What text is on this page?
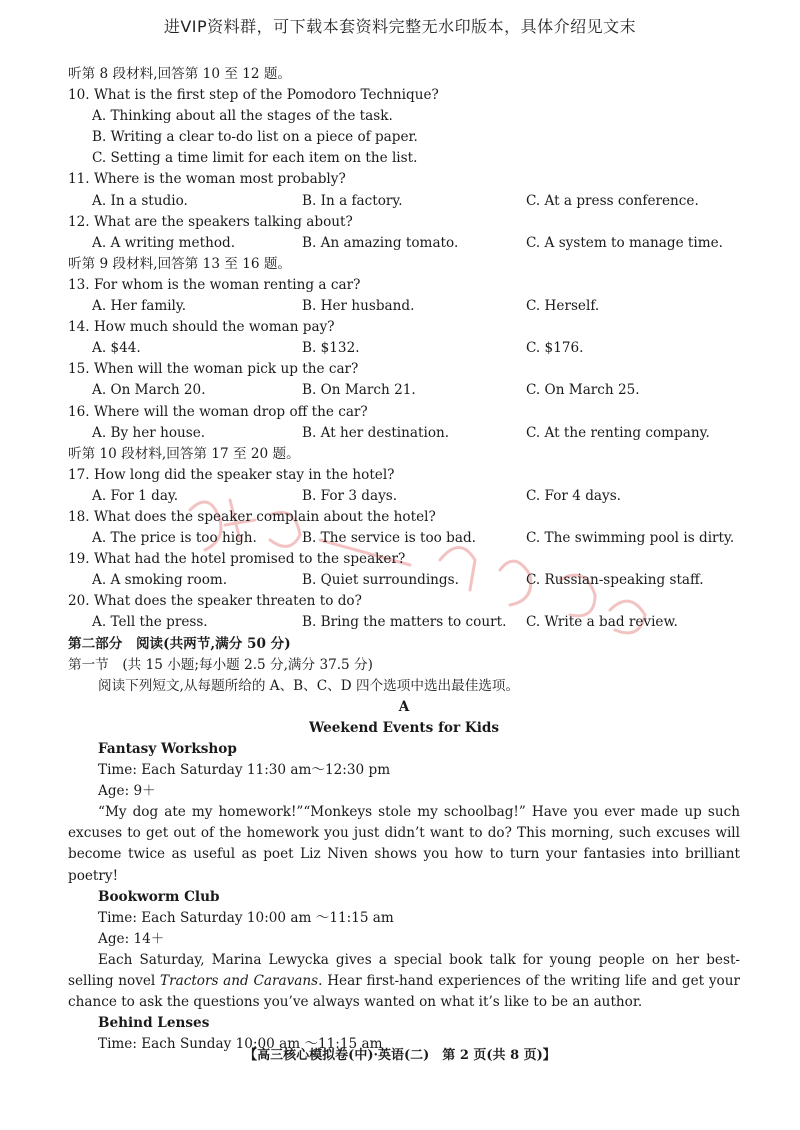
进VIP资料群，可下载本套资料完整无水印版本，具体介绍见文末
听第 8 段材料,回答第 10 至 12 题。
10. What is the first step of the Pomodoro Technique?
A. Thinking about all the stages of the task.
B. Writing a clear to-do list on a piece of paper.
C. Setting a time limit for each item on the list.
11. Where is the woman most probably?
A. In a studio.	B. In a factory.	C. At a press conference.
12. What are the speakers talking about?
A. A writing method.	B. An amazing tomato.	C. A system to manage time.
听第 9 段材料,回答第 13 至 16 题。
13. For whom is the woman renting a car?
A. Her family.	B. Her husband.	C. Herself.
14. How much should the woman pay?
A. $44.	B. $132.	C. $176.
15. When will the woman pick up the car?
A. On March 20.	B. On March 21.	C. On March 25.
16. Where will the woman drop off the car?
A. By her house.	B. At her destination.	C. At the renting company.
听第 10 段材料,回答第 17 至 20 题。
17. How long did the speaker stay in the hotel?
A. For 1 day.	B. For 3 days.	C. For 4 days.
18. What does the speaker complain about the hotel?
A. The price is too high.	B. The service is too bad.	C. The swimming pool is dirty.
19. What had the hotel promised to the speaker?
A. A smoking room.	B. Quiet surroundings.	C. Russian-speaking staff.
20. What does the speaker threaten to do?
A. Tell the press.	B. Bring the matters to court.	C. Write a bad review.
第二部分　阅读(共两节,满分 50 分)
第一节　(共 15 小题;每小题 2.5 分,满分 37.5 分)
阅读下列短文,从每题所给的 A、B、C、D 四个选项中选出最佳选项。
A
Weekend Events for Kids
Fantasy Workshop
Time: Each Saturday 11:30 am～12:30 pm
Age: 9＋
“My dog ate my homework!”“Monkeys stole my schoolbag!” Have you ever made up such excuses to get out of the homework you just didn’t want to do? This morning, such excuses will become twice as useful as poet Liz Niven shows you how to turn your fantasies into brilliant poetry!
Bookworm Club
Time: Each Saturday 10:00 am ～11:15 am
Age: 14＋
Each Saturday, Marina Lewycka gives a special book talk for young people on her best-selling novel Tractors and Caravans. Hear first-hand experiences of the writing life and get your chance to ask the questions you’ve always wanted on what it’s like to be an author.
Behind Lenses
Time: Each Sunday 10:00 am ～11:15 am
【高三核心模拟卷(中)·英语(二)　第 2 页(共 8 页)】
